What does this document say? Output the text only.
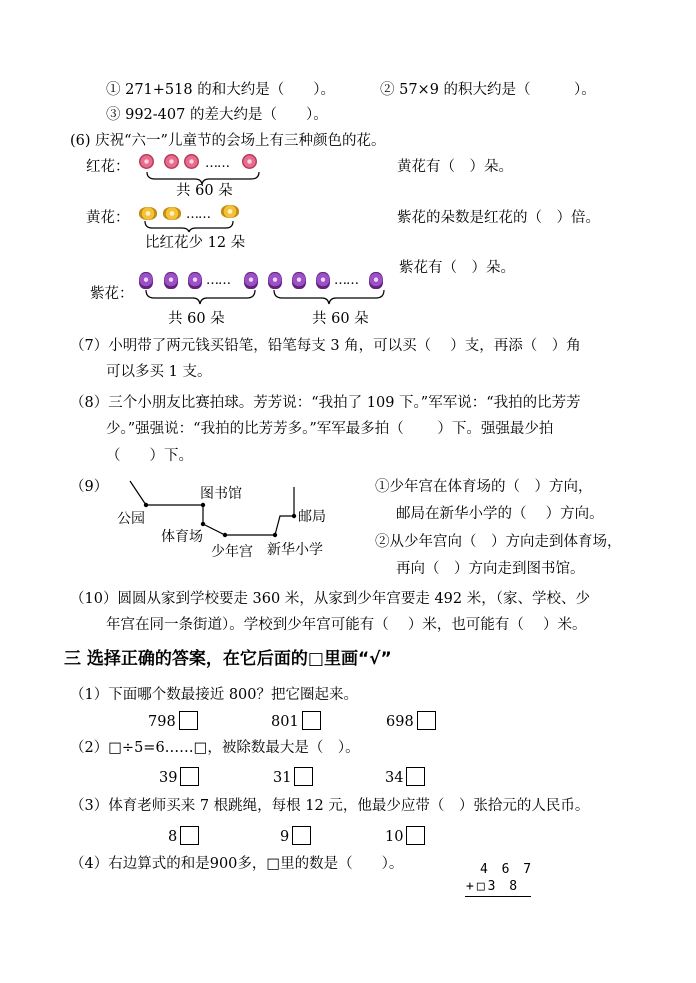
① 271+518 的和大约是（　　）。	② 57×9 的积大约是（　　　）。
③ 992-407 的差大约是（　　）。
(6) 庆祝“六一”儿童节的会场上有三种颜色的花。
红花：	……
共 60 朵
黄花有（　）朵。
黄花：	……
比红花少 12 朵
紫花的朵数是红花的（　）倍。
紫花有（　）朵。
紫花：
……	……
共 60 朵	共 60 朵
（7）小明带了两元钱买铅笔，铅笔每支 3 角，可以买（　 ）支，再添（　）角
可以多买 1 支。
（8）三个小朋友比赛拍球。芳芳说：“我拍了 109 下。”军军说：“我拍的比芳芳
少。”强强说：“我拍的比芳芳多。”军军最多拍（　　 ）下。强强最少拍
（　　）下。
（9）	图书馆
公园
体育场
少年宫 新华小学
邮局
①少年宫在体育场的（　）方向，
邮局在新华小学的（　 ）方向。
②从少年宫向（　）方向走到体育场，
再向（　）方向走到图书馆。
（10）圆圆从家到学校要走 360 米，从家到少年宫要走 492 米，（家、学校、少
年宫在同一条街道）。学校到少年宫可能有（　 ）米，也可能有（　 ）米。
三 选择正确的答案，在它后面的□里画“√”
（1）下面哪个数最接近 800？把它圈起来。
798	801	698
（2）□÷5=6……□，被除数最大是（　）。
39	31	34
（3）体育老师买来 7 根跳绳，每根 12 元，他最少应带（　）张拾元的人民币。
8	9	10
（4）右边算式的和是900多，□里的数是（　　）。	4 6 7
+□3 8
